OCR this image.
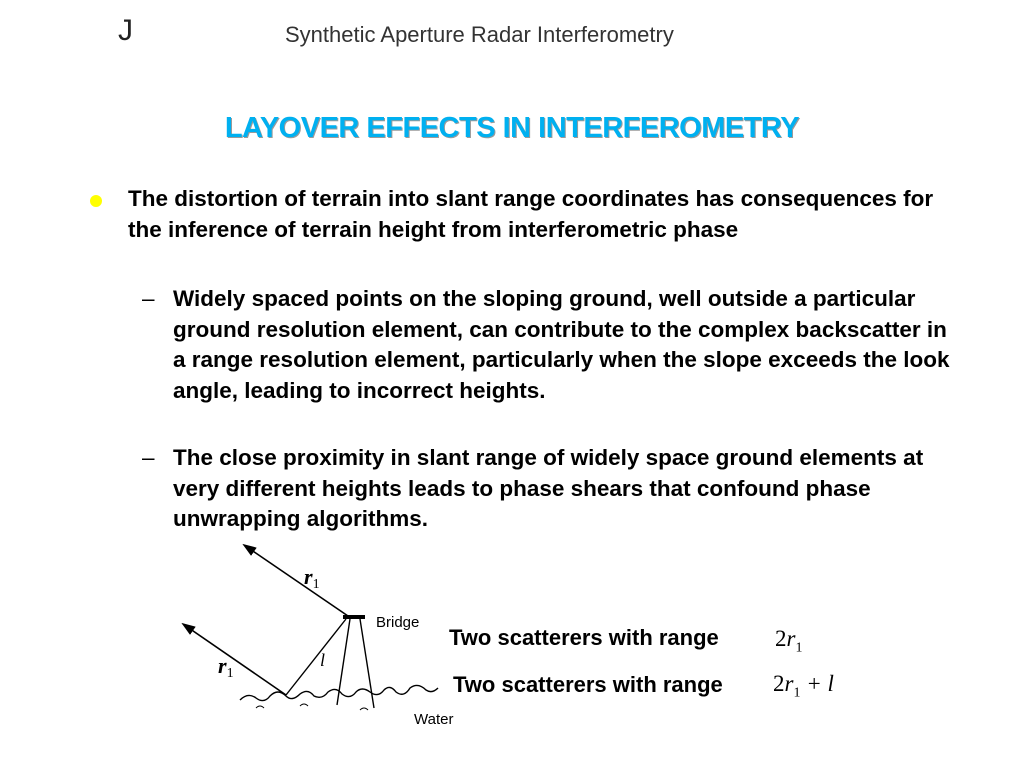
J	Synthetic Aperture Radar Interferometry
LAYOVER EFFECTS IN INTERFEROMETRY
The distortion of terrain into slant range coordinates has consequences for the inference of terrain height from interferometric phase
– Widely spaced points on the sloping ground, well outside a particular ground resolution element, can contribute to the complex backscatter in a range resolution element, particularly when the slope exceeds the look angle, leading to incorrect heights.
– The close proximity in slant range of widely space ground elements at very different heights leads to phase shears that confound phase unwrapping algorithms.
r1
r1
l
Bridge
Water
Two scatterers with range $2r_1$
Two scatterers with range $2r_1 + l$
